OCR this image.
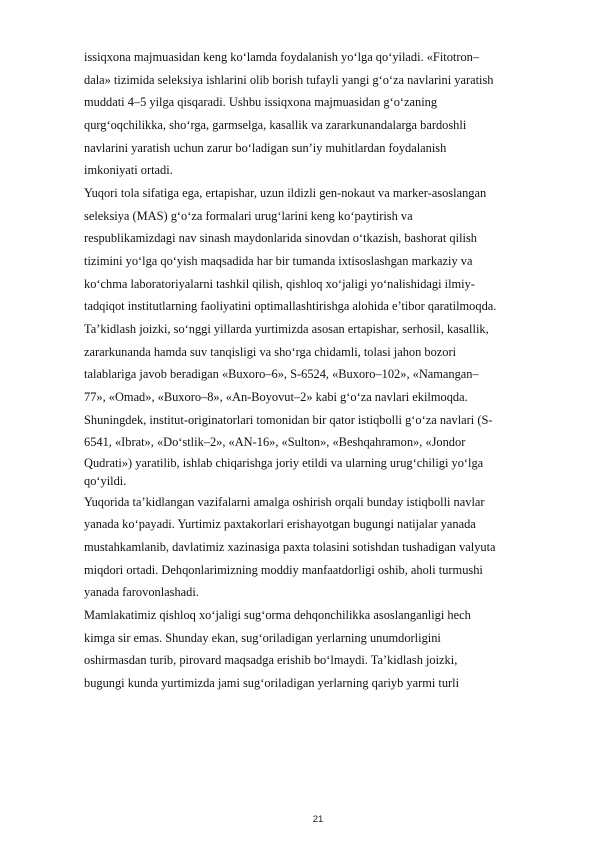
issiqxona majmuasidan keng ko‘lamda foydalanish yo‘lga qo‘yiladi. «Fitotron–
dala» tizimida seleksiya ishlarini olib borish tufayli yangi g‘o‘za navlarini yaratish
muddati 4–5 yilga qisqaradi. Ushbu issiqxona majmuasidan g‘o‘zaning
qurg‘oqchilikka, sho‘rga, garmselga, kasallik va zararkunandalarga bardoshli
navlarini yaratish uchun zarur bo‘ladigan sun’iy muhitlardan foydalanish
imkoniyati ortadi.
Yuqori tola sifatiga ega, ertapishar, uzun ildizli gen-nokaut va marker-asoslangan
seleksiya (MAS) g‘o‘za formalari urug‘larini keng ko‘paytirish va
respublikamizdagi nav sinash maydonlarida sinovdan o‘tkazish, bashorat qilish
tizimini yo‘lga qo‘yish maqsadida har bir tumanda ixtisoslashgan markaziy va
ko‘chma laboratoriyalarni tashkil qilish, qishloq xo‘jaligi yo‘nalishidagi ilmiy-
tadqiqot institutlarning faoliyatini optimallashtirishga alohida e’tibor qaratilmoqda.
Ta’kidlash joizki, so‘nggi yillarda yurtimizda asosan ertapishar, serhosil, kasallik,
zararkunanda hamda suv tanqisligi va sho‘rga chidamli, tolasi jahon bozori
talablariga javob beradigan «Buxoro–6», S-6524, «Buxoro–102», «Namangan–
77», «Omad», «Buxoro–8», «An-Boyovut–2» kabi g‘o‘za navlari ekilmoqda.
Shuningdek, institut-originatorlari tomonidan bir qator istiqbolli g‘o‘za navlari (S-
6541, «Ibrat», «Do‘stlik–2», «AN-16», «Sulton», «Beshqahramon», «Jondor
Qudrati») yaratilib, ishlab chiqarishga joriy etildi va ularning urug‘chiligi yo‘lga
qo‘yildi.
Yuqorida ta’kidlangan vazifalarni amalga oshirish orqali bunday istiqbolli navlar
yanada ko‘payadi. Yurtimiz paxtakorlari erishayotgan bugungi natijalar yanada
mustahkamlanib, davlatimiz xazinasiga paxta tolasini sotishdan tushadigan valyuta
miqdori ortadi. Dehqonlarimizning moddiy manfaatdorligi oshib, aholi turmushi
yanada farovonlashadi.
Mamlakatimiz qishloq xo‘jaligi sug‘orma dehqonchilikka asoslanganligi hech
kimga sir emas. Shunday ekan, sug‘oriladigan yerlarning unumdorligini
oshirmasdan turib, pirovard maqsadga erishib bo‘lmaydi. Ta’kidlash joizki,
bugungi kunda yurtimizda jami sug‘oriladigan yerlarning qariyb yarmi turli
21
